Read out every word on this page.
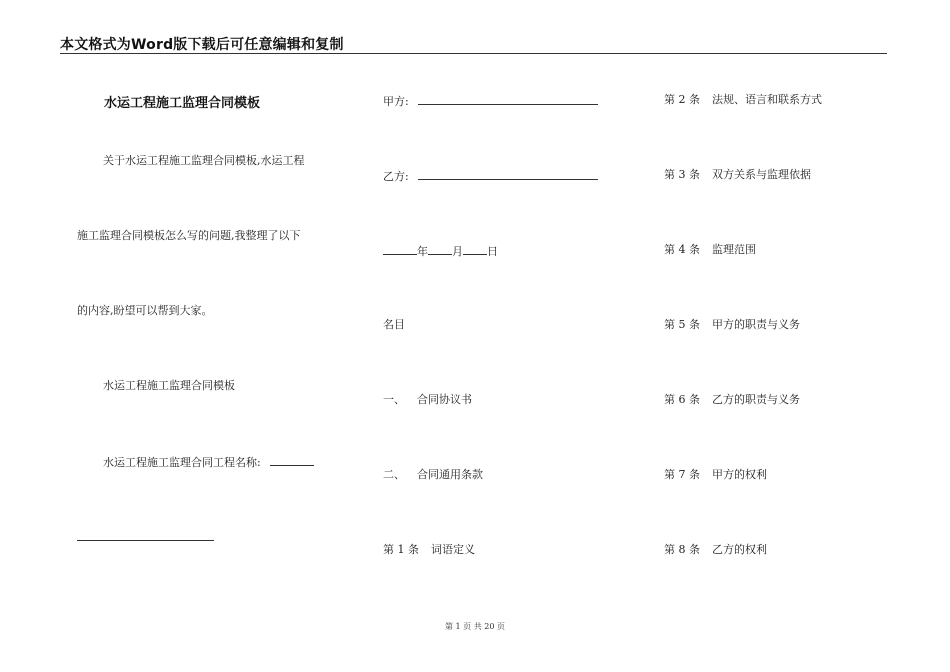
本文格式为Word版下载后可任意编辑和复制
水运工程施工监理合同模板
关于水运工程施工监理合同模板,水运工程
施工监理合同模板怎么写的问题,我整理了以下
的内容,盼望可以帮到大家。
水运工程施工监理合同模板
水运工程施工监理合同工程名称:
甲方:
乙方:
年 月 日
名目
一、 合同协议书
二、 合同通用条款
第 1 条 词语定义
第 2 条 法规、语言和联系方式
第 3 条 双方关系与监理依据
第 4 条 监理范围
第 5 条 甲方的职责与义务
第 6 条 乙方的职责与义务
第 7 条 甲方的权利
第 8 条 乙方的权利
第 1 页 共 20 页
